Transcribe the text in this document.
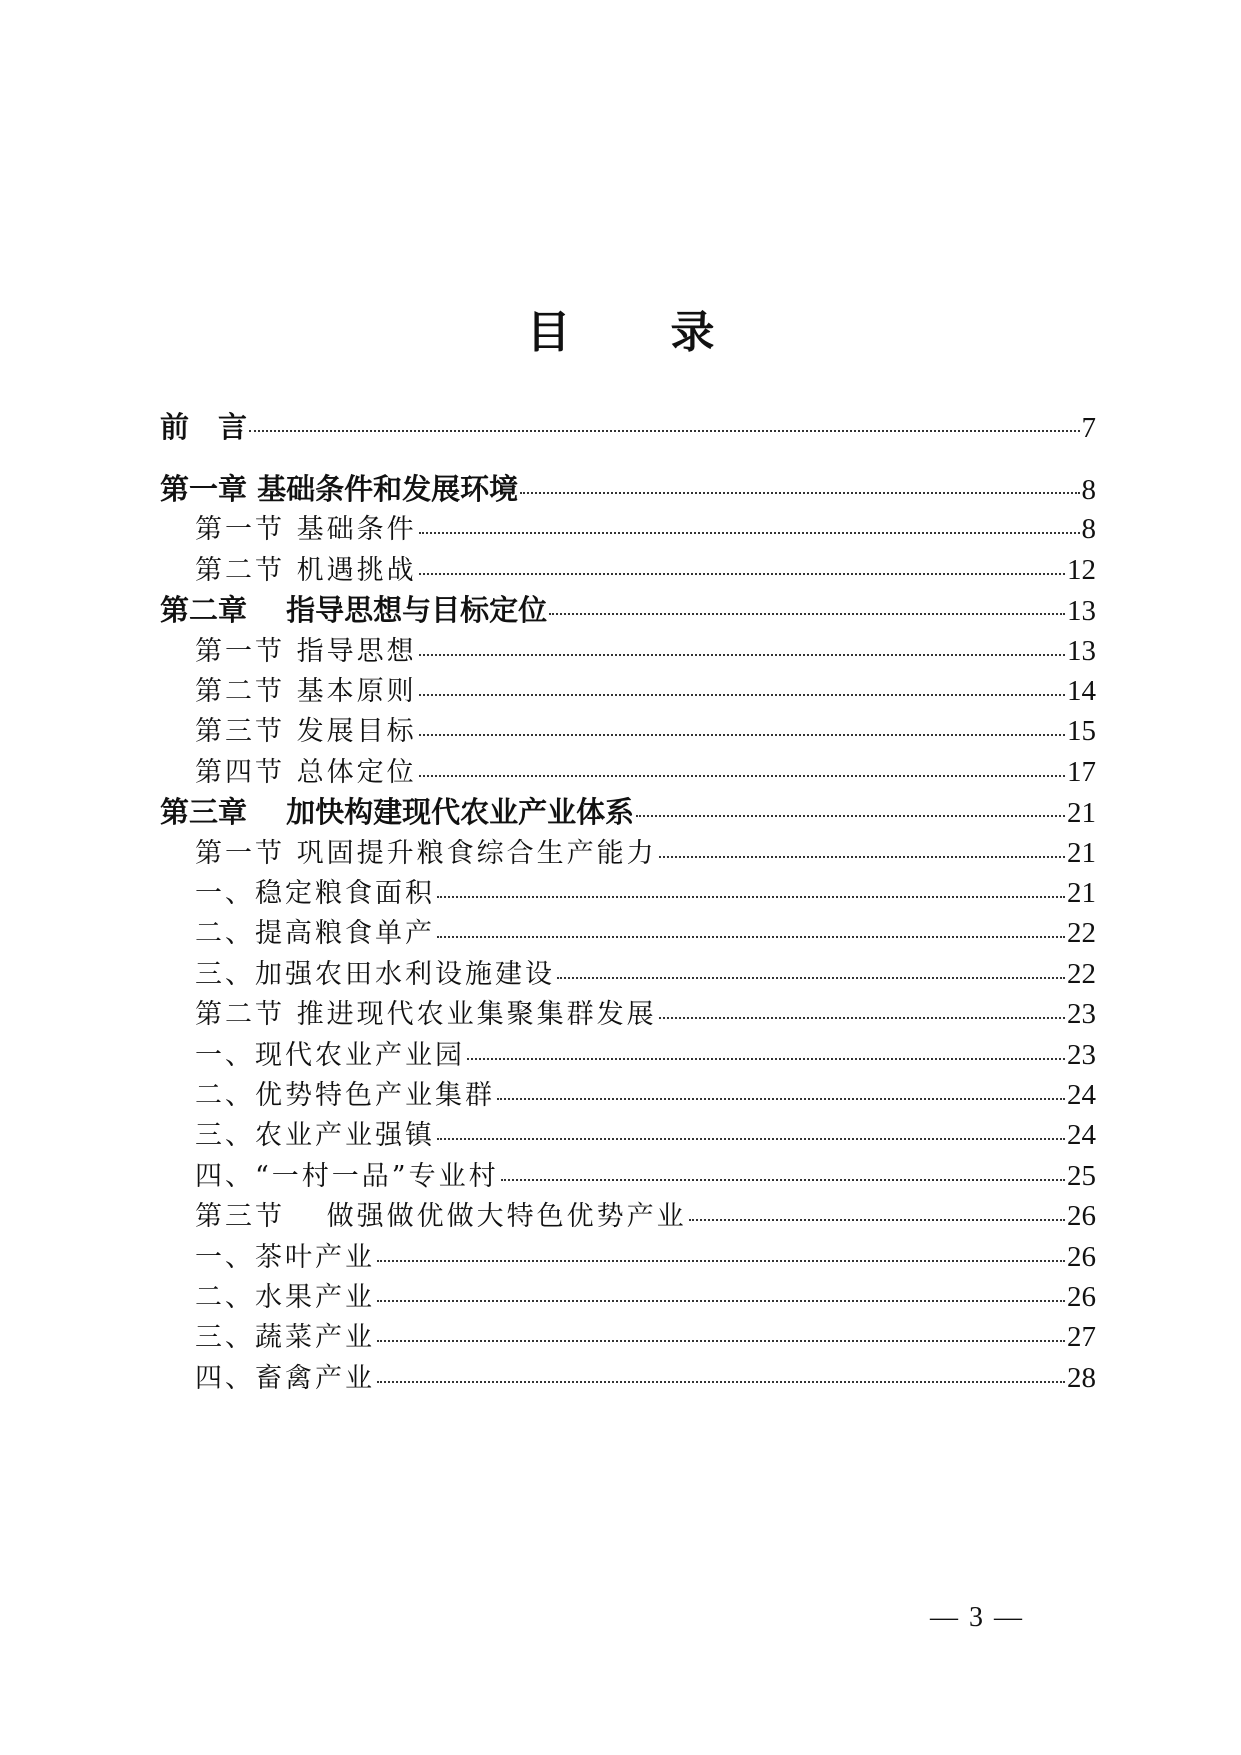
目　录
前　言	7
第一章 基础条件和发展环境	8
第一节 基础条件	8
第二节 机遇挑战	12
第二章　 指导思想与目标定位	13
第一节 指导思想	13
第二节 基本原则	14
第三节 发展目标	15
第四节 总体定位	17
第三章　 加快构建现代农业产业体系	21
第一节 巩固提升粮食综合生产能力	21
一、稳定粮食面积	21
二、提高粮食单产	22
三、加强农田水利设施建设	22
第二节 推进现代农业集聚集群发展	23
一、现代农业产业园	23
二、优势特色产业集群	24
三、农业产业强镇	24
四、“一村一品”专业村	25
第三节　 做强做优做大特色优势产业	26
一、茶叶产业	26
二、水果产业	26
三、蔬菜产业	27
四、畜禽产业	28
— 3 —
